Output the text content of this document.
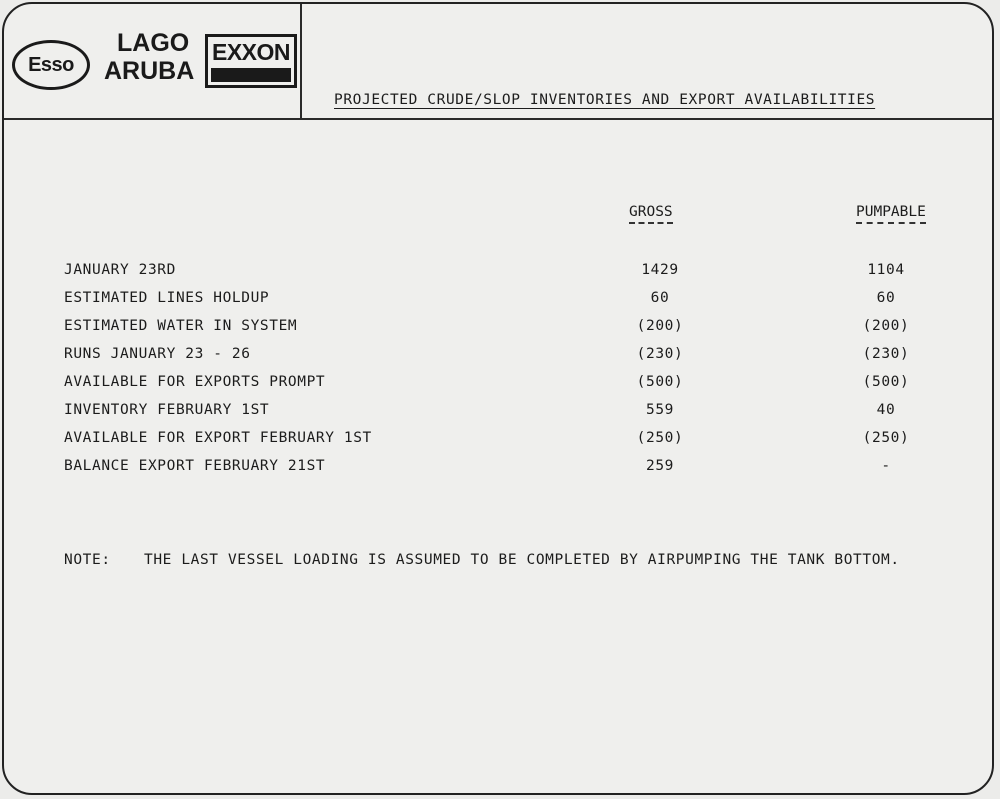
Esso
LAGO
ARUBA
EXXON
PROJECTED CRUDE/SLOP INVENTORIES AND EXPORT AVAILABILITIES
GROSS	PUMPABLE
JANUARY 23RD	1429	1104
ESTIMATED LINES HOLDUP	60	60
ESTIMATED WATER IN SYSTEM	(200)	(200)
RUNS JANUARY 23 - 26	(230)	(230)
AVAILABLE FOR EXPORTS PROMPT	(500)	(500)
INVENTORY FEBRUARY 1ST	559	40
AVAILABLE FOR EXPORT FEBRUARY 1ST	(250)	(250)
BALANCE EXPORT FEBRUARY 21ST	259	-
NOTE: THE LAST VESSEL LOADING IS ASSUMED TO BE COMPLETED BY AIRPUMPING THE TANK BOTTOM.
